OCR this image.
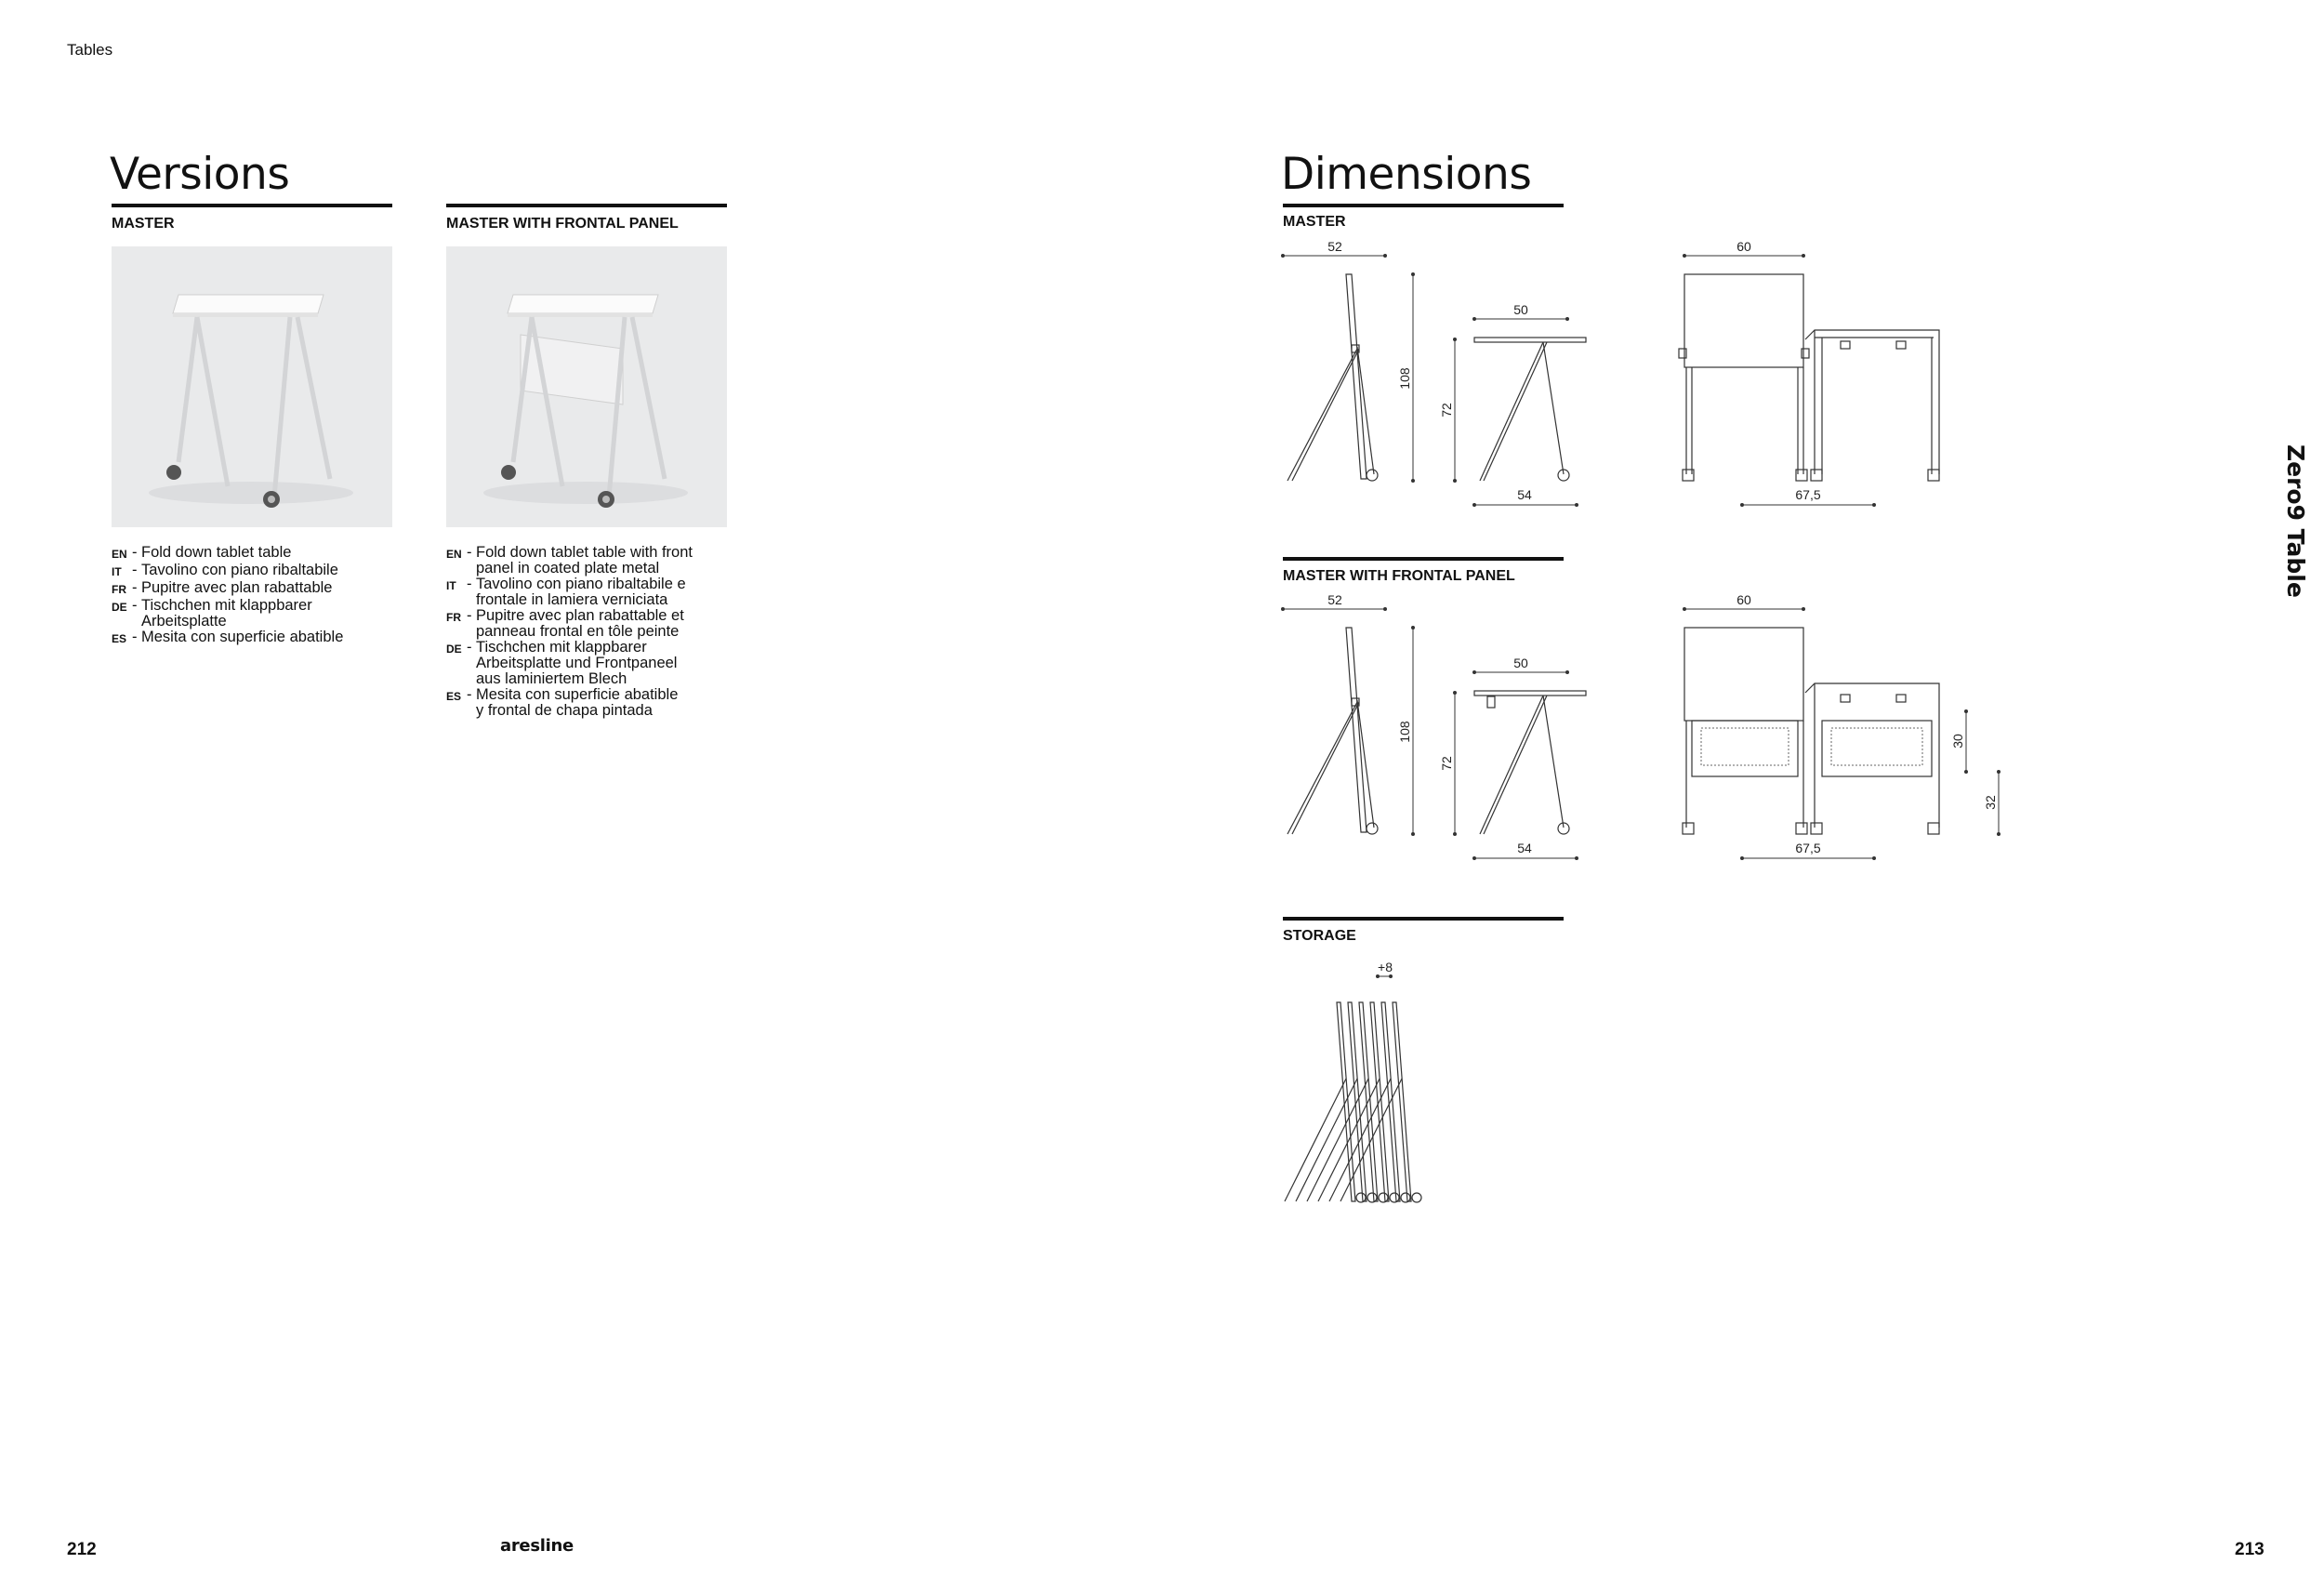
Tables
Versions
MASTER	MASTER WITH FRONTAL PANEL
EN - Fold down tablet table
IT - Tavolino con piano ribaltabile
FR - Pupitre avec plan rabattable
DE - Tischchen mit klappbarer Arbeitsplatte
ES - Mesita con superficie abatible
EN - Fold down tablet table with front panel in coated plate metal
IT - Tavolino con piano ribaltabile e frontale in lamiera verniciata
FR - Pupitre avec plan rabattable et panneau frontal en tôle peinte
DE - Tischchen mit klappbarer Arbeitsplatte und Frontpaneel aus laminiertem Blech
ES - Mesita con superficie abatible y frontal de chapa pintada
Dimensions
MASTER
MASTER WITH FRONTAL PANEL
STORAGE
52
108
50
72
54
60
67,5
52
108
50
72
54
60
30
32
67,5
+8
Zero9 Table
212	aresline	213
